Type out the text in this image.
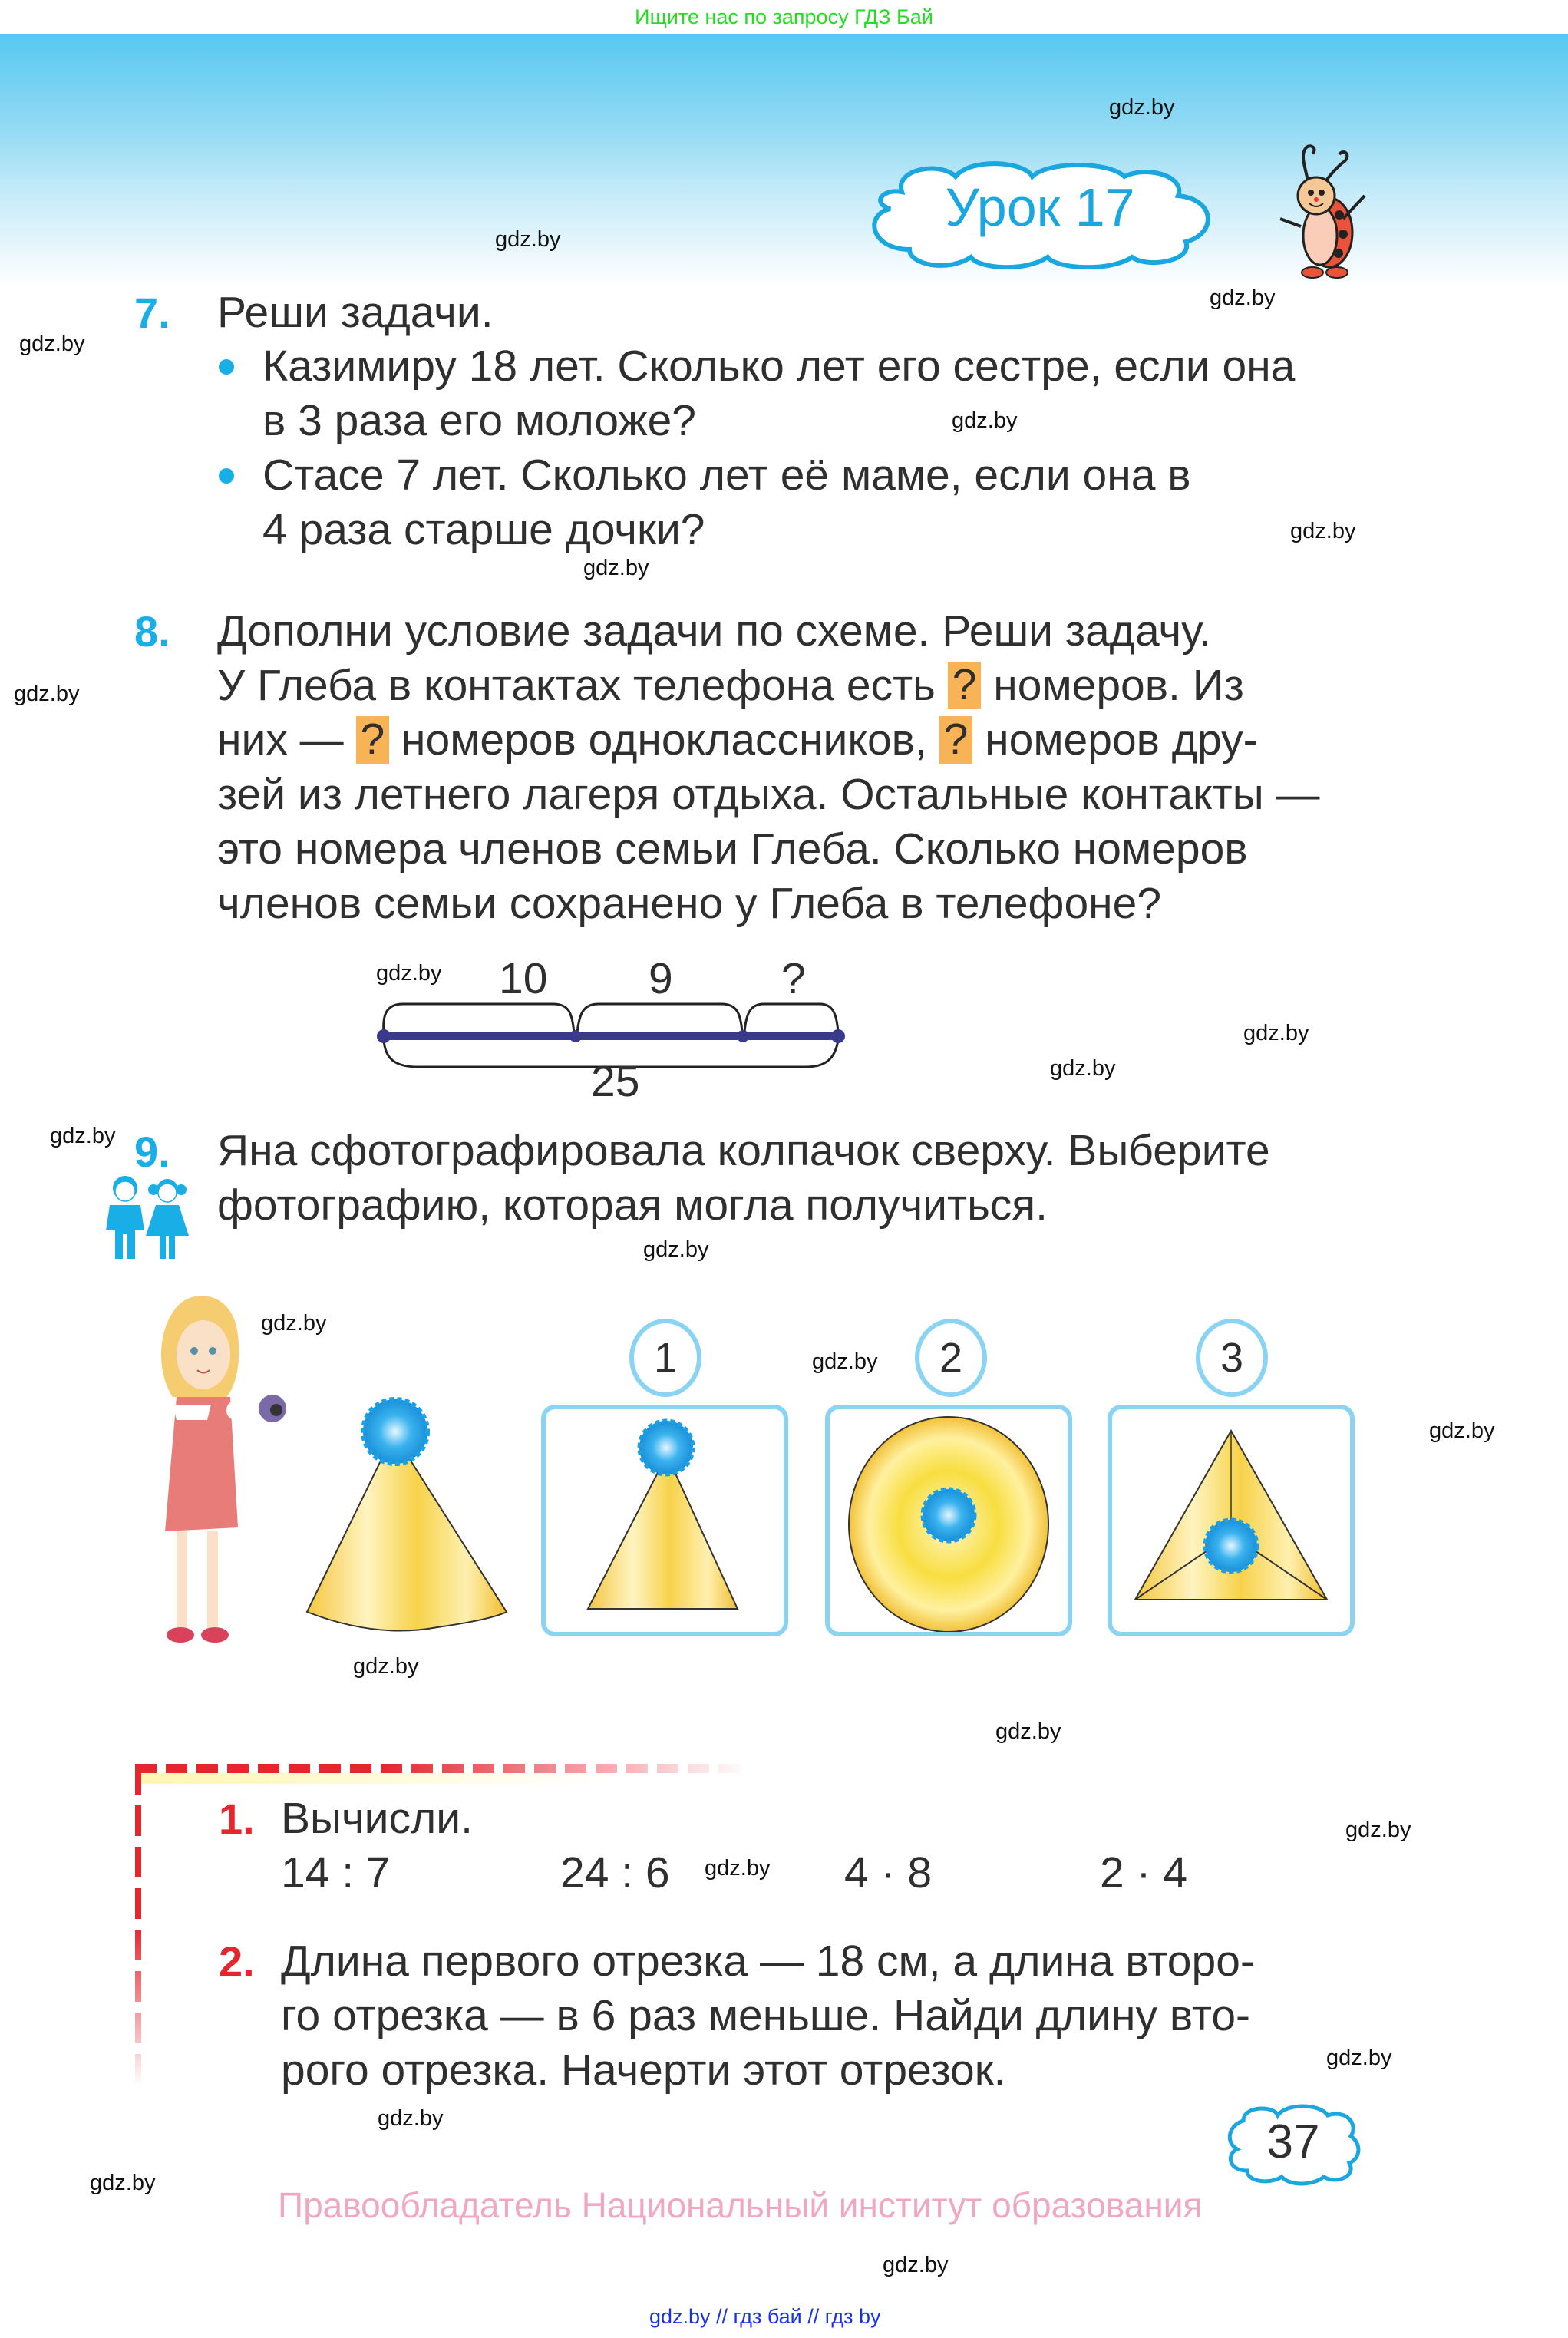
Ищите нас по запросу ГДЗ Бай
Урок 17
gdz.by
gdz.by
gdz.by
gdz.by
gdz.by
gdz.by
gdz.by
gdz.by
gdz.by
gdz.by
gdz.by
gdz.by
gdz.by
gdz.by
gdz.by
gdz.by
gdz.by
gdz.by
gdz.by
gdz.by
gdz.by
gdz.by
gdz.by
gdz.by
7. Реши задачи.
Казимиру 18 лет. Сколько лет его сестре, если она
в 3 раза его моложе?
Стасе 7 лет. Сколько лет её маме, если она в
4 раза старше дочки?
8. Дополни условие задачи по схеме. Реши задачу.
У Глеба в контактах телефона есть ? номеров. Из
них — ? номеров одноклассников, ? номеров дру-
зей из летнего лагеря отдыха. Остальные контакты —
это номера членов семьи Глеба. Сколько номеров
членов семьи сохранено у Глеба в телефоне?
10 9 ?
25
9. Яна сфотографировала колпачок сверху. Выберите
фотографию, которая могла получиться.
1	2	3
1. Вычисли.
14 : 7	24 : 6	4 · 8	2 · 4
2. Длина первого отрезка — 18 см, а длина второ-
го отрезка — в 6 раз меньше. Найди длину вто-
рого отрезка. Начерти этот отрезок.
37
Правообладатель Национальный институт образования
gdz.by // гдз бай // гдз by
